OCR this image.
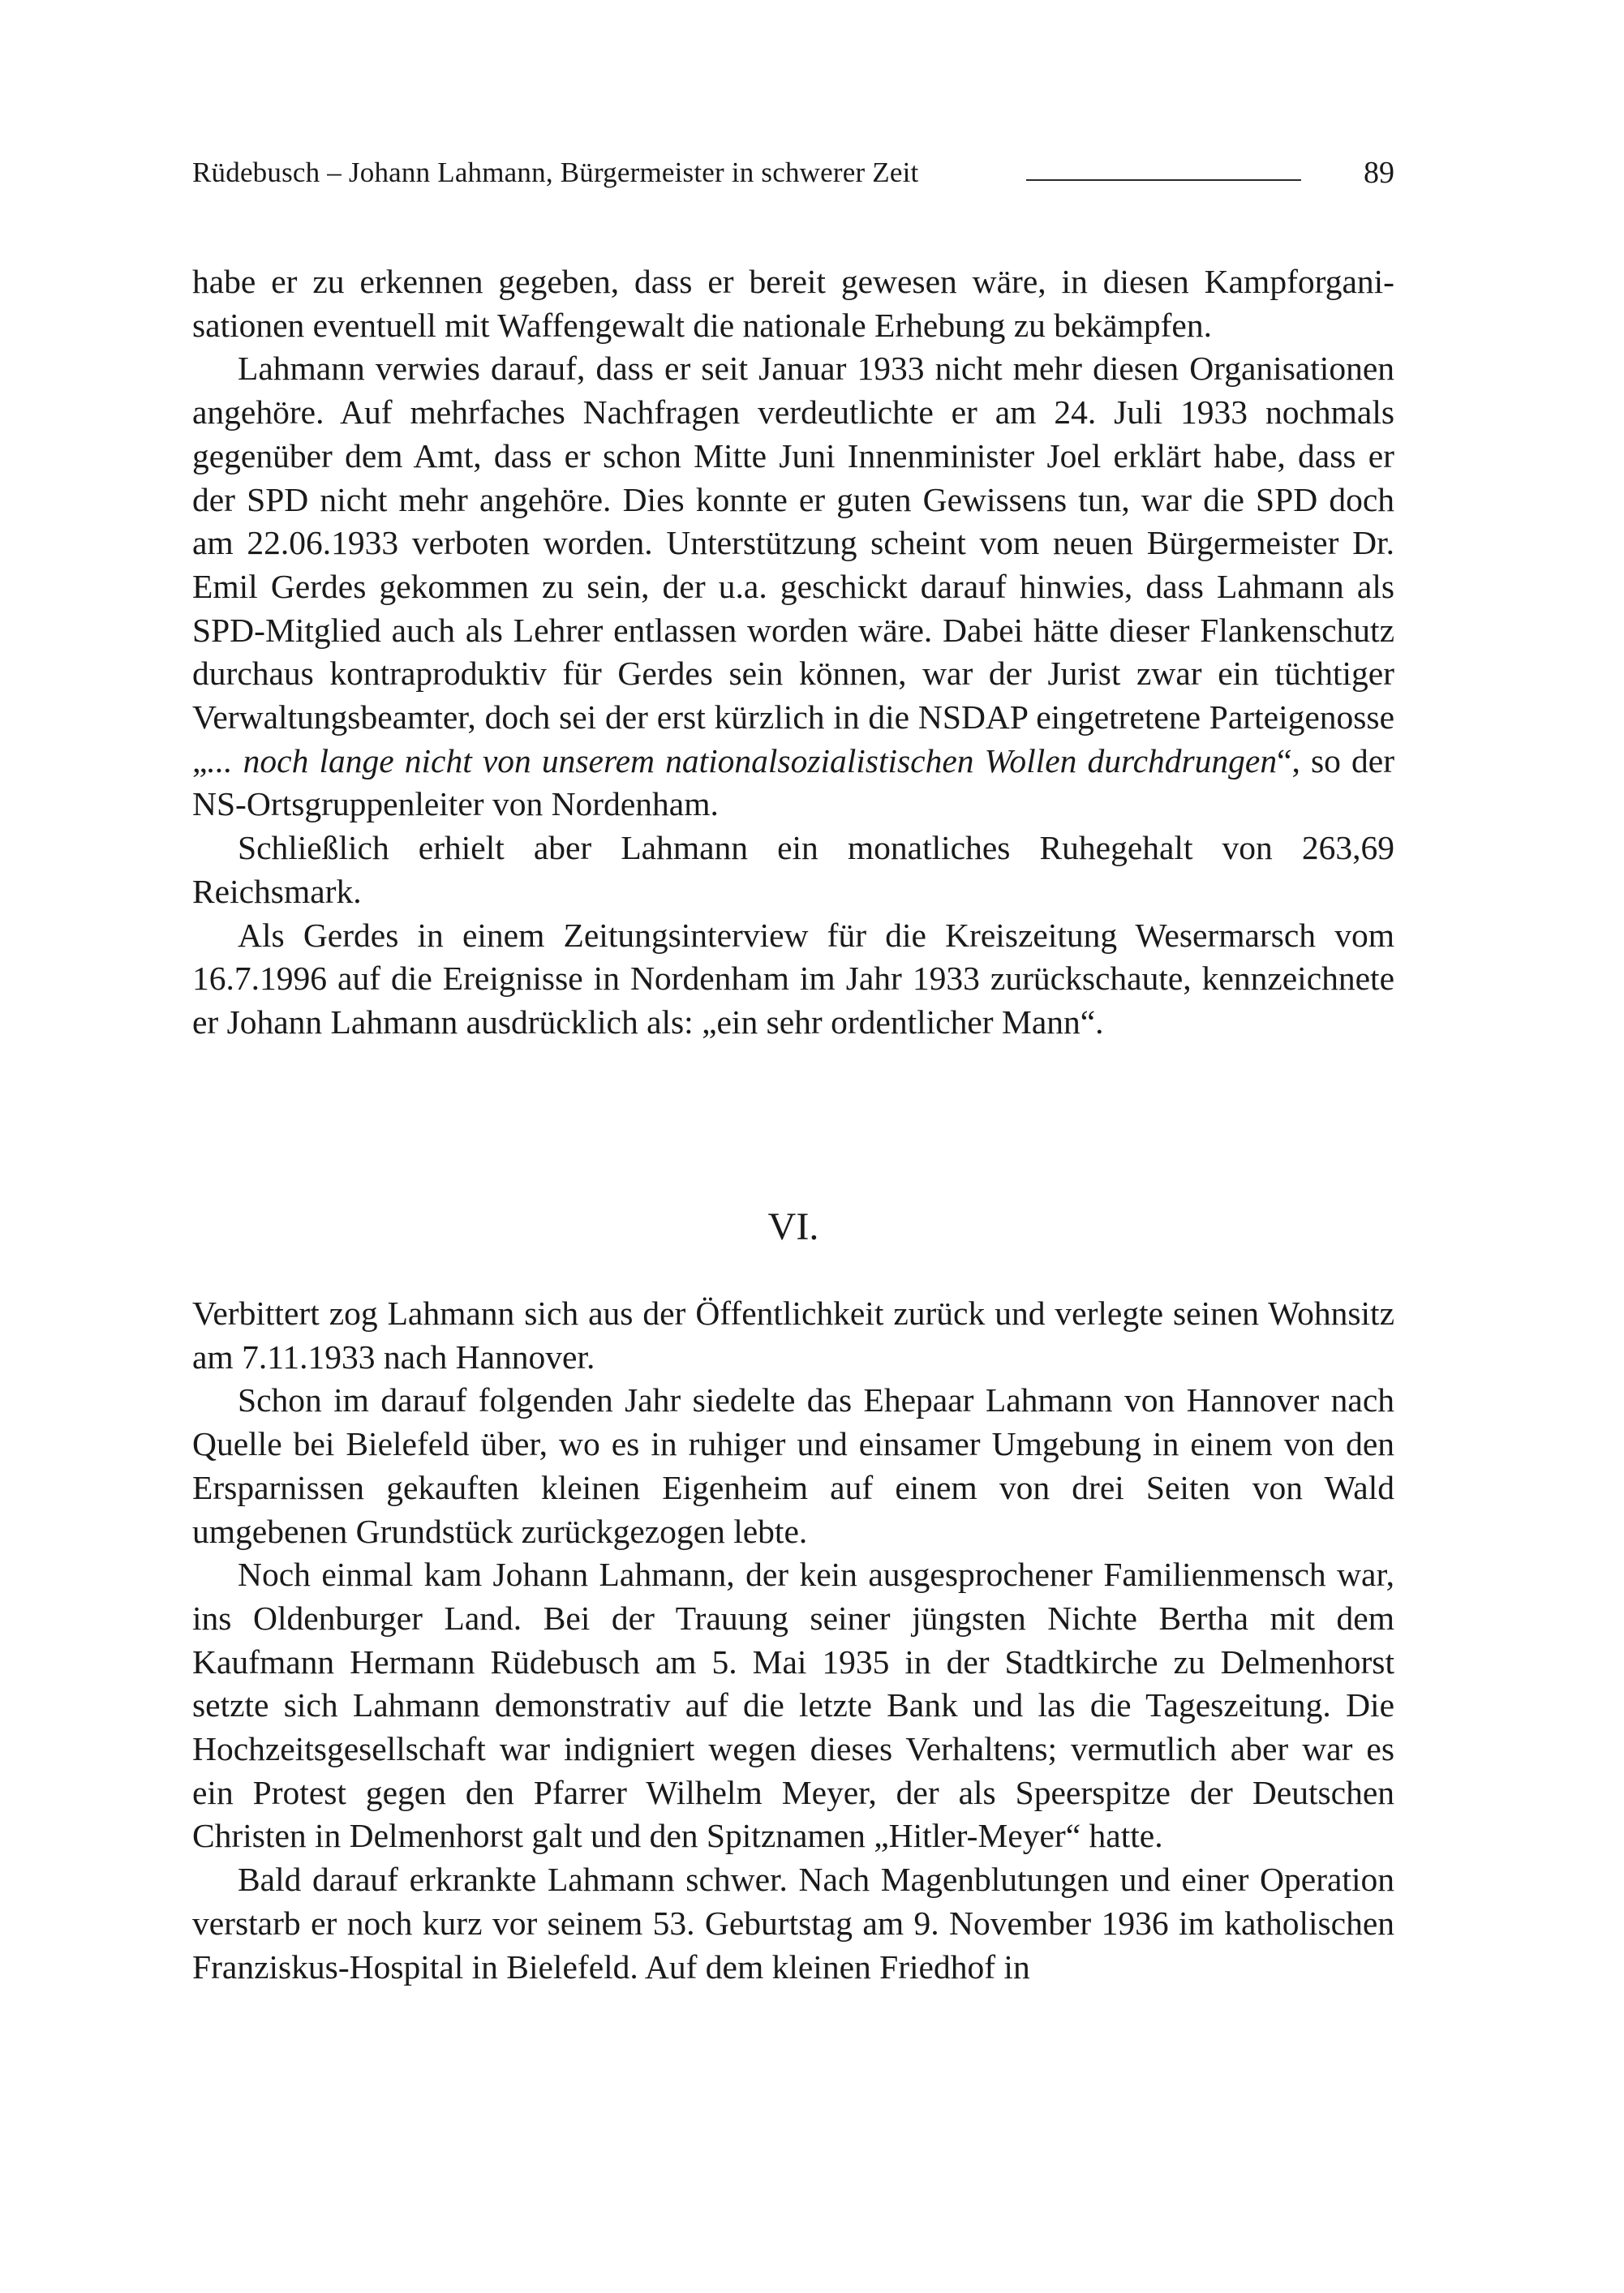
Rüdebusch – Johann Lahmann, Bürgermeister in schwerer Zeit	89

habe er zu erkennen gegeben, dass er bereit gewesen wäre, in diesen Kampforganisationen eventuell mit Waffengewalt die nationale Erhebung zu bekämpfen.

Lahmann verwies darauf, dass er seit Januar 1933 nicht mehr diesen Organisationen angehöre. Auf mehrfaches Nachfragen verdeutlichte er am 24. Juli 1933 nochmals gegenüber dem Amt, dass er schon Mitte Juni Innenminister Joel erklärt habe, dass er der SPD nicht mehr angehöre. Dies konnte er guten Gewissens tun, war die SPD doch am 22.06.1933 verboten worden. Unterstützung scheint vom neuen Bürgermeister Dr. Emil Gerdes gekommen zu sein, der u.a. geschickt darauf hinwies, dass Lahmann als SPD-Mitglied auch als Lehrer entlassen worden wäre. Dabei hätte dieser Flankenschutz durchaus kontraproduktiv für Gerdes sein können, war der Jurist zwar ein tüchtiger Verwaltungsbeamter, doch sei der erst kürzlich in die NSDAP eingetretene Parteigenosse „... noch lange nicht von unserem nationalsozialistischen Wollen durchdrungen“, so der NS-Ortsgruppenleiter von Nordenham.

Schließlich erhielt aber Lahmann ein monatliches Ruhegehalt von 263,69 Reichsmark.

Als Gerdes in einem Zeitungsinterview für die Kreiszeitung Wesermarsch vom 16.7.1996 auf die Ereignisse in Nordenham im Jahr 1933 zurückschaute, kennzeichnete er Johann Lahmann ausdrücklich als: „ein sehr ordentlicher Mann“.

VI.

Verbittert zog Lahmann sich aus der Öffentlichkeit zurück und verlegte seinen Wohnsitz am 7.11.1933 nach Hannover.

Schon im darauf folgenden Jahr siedelte das Ehepaar Lahmann von Hannover nach Quelle bei Bielefeld über, wo es in ruhiger und einsamer Umgebung in einem von den Ersparnissen gekauften kleinen Eigenheim auf einem von drei Seiten von Wald umgebenen Grundstück zurückgezogen lebte.

Noch einmal kam Johann Lahmann, der kein ausgesprochener Familienmensch war, ins Oldenburger Land. Bei der Trauung seiner jüngsten Nichte Bertha mit dem Kaufmann Hermann Rüdebusch am 5. Mai 1935 in der Stadtkirche zu Delmenhorst setzte sich Lahmann demonstrativ auf die letzte Bank und las die Tageszeitung. Die Hochzeitsgesellschaft war indigniert wegen dieses Verhaltens; vermutlich aber war es ein Protest gegen den Pfarrer Wilhelm Meyer, der als Speerspitze der Deutschen Christen in Delmenhorst galt und den Spitznamen „Hitler-Meyer“ hatte.

Bald darauf erkrankte Lahmann schwer. Nach Magenblutungen und einer Operation verstarb er noch kurz vor seinem 53. Geburtstag am 9. November 1936 im katholischen Franziskus-Hospital in Bielefeld. Auf dem kleinen Friedhof in
